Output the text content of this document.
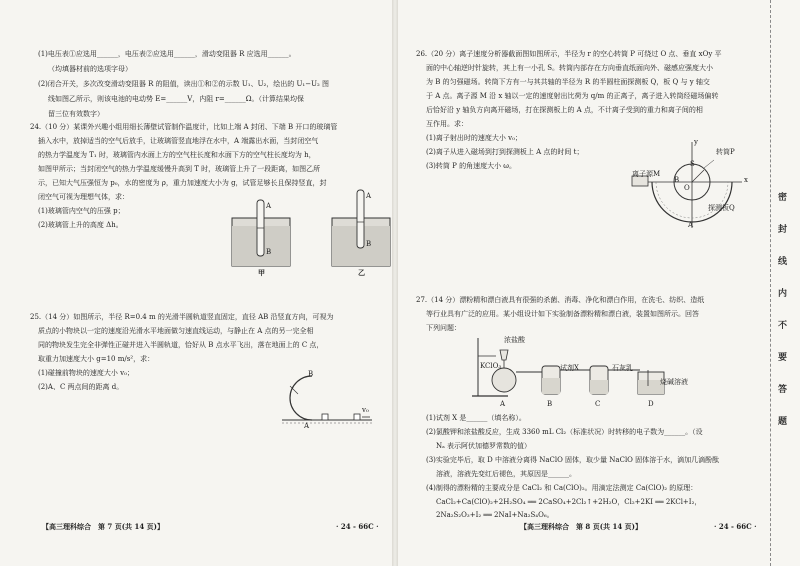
(1)电压表①应选用______，电压表②应选用______，滑动变阻器 R 应选用______。
（均填器材前的选项字母）
(2)闭合开关，多次改变滑动变阻器 R 的阻值，读出①和②的示数 U₁、U₂，绘出的 U₁−U₂ 图
线如图乙所示，则该电池的电动势 E=______V，内阻 r=______Ω。（计算结果均保
留三位有效数字）
24.（10 分）某课外兴趣小组用细长薄壁试管制作温度计，比如上端 A 封闭、下端 B 开口的玻璃管
插入水中，放掉适当的空气后放手，让玻璃管竖直地浮在水中，A 端露出水面，当封闭空气
的热力学温度为 T₁ 时，玻璃管内水面上方的空气柱长度和水面下方的空气柱长度均为 h，
如图甲所示；当封闭空气的热力学温度缓慢升高到 T 时，玻璃管上升了一段距离，如图乙所
示，已知大气压强恒为 p₀，水的密度为 ρ，重力加速度大小为 g，试管足够长且保持竖直，封
闭空气可视为理想气体，求：
(1)玻璃管内空气的压强 p；
(2)玻璃管上升的高度 Δh。
A
B
A
B
甲	乙
25.（14 分）如图所示，半径 R=0.4 m 的光滑半圆轨道竖直固定，直径 AB 沿竖直方向，可视为
质点的小物块以一定的速度沿光滑水平地面做匀速直线运动，与静止在 A 点的另一完全相
同的物块发生完全非弹性正碰并进入半圆轨道，恰好从 B 点水平飞出，落在地面上的 C 点，
取重力加速度大小 g=10 m/s²，求：
(1)碰撞前物块的速度大小 v₀；
(2)A、C 两点间的距离 d。
B
A
v₀
【高三理科综合　第 7 页(共 14 页)】	· 24 - 66C ·
26.（20 分）离子速度分析器截面图如图所示，半径为 r 的空心转筒 P 可绕过 O 点、垂直 xOy 平
面的中心轴逆时针旋转，其上有一小孔 S。转筒内部存在方向垂直纸面向外、磁感应强度大小
为 B 的匀强磁场。转筒下方有一与其共轴的半径为 R 的半圆柱面探测板 Q，板 Q 与 y 轴交
于 A 点。离子源 M 沿 x 轴以一定的速度射出比荷为 q/m 的正离子，离子进入转筒经磁场偏转
后恰好沿 y 轴负方向离开磁场，打在探测板上的 A 点，不计离子受到的重力和离子间的相
互作用。求：
(1)离子射出时的速度大小 v₀；
(2)离子从进入磁场到打到探测板上 A 点的时间 t；
(3)转筒 P 的角速度大小 ω。
离子源M
转筒P
探测板Q
O
x
y
A
S
B
27.（14 分）漂粉精和漂白液具有很强的杀菌、消毒、净化和漂白作用，在洗毛、纺织、造纸
等行业具有广泛的应用。某小组设计如下实验制备漂粉精和漂白液，装置如图所示。回答
下列问题：
浓盐酸
KClO₃	试剂X	石灰乳
烧碱溶液
A	B	C	D
(1)试剂 X 是______（填名称）。
(2)氯酸钾和浓盐酸反应，生成 3360 mL Cl₂（标准状况）时转移的电子数为______。（设
Nₐ 表示阿伏加德罗常数的值）
(3)实验完毕后，取 D 中溶液分离得 NaClO 固体，取少量 NaClO 固体溶于水，滴加几滴酚酞
溶液，溶液先变红后褪色，其原因是______。
(4)制得的漂粉精的主要成分是 CaCl₂ 和 Ca(ClO)₂。用滴定法测定 Ca(ClO)₂ 的原理：
CaCl₂+Ca(ClO)₂+2H₂SO₄ ══ 2CaSO₄+2Cl₂↑+2H₂O，Cl₂+2KI ══ 2KCl+I₂，
2Na₂S₂O₃+I₂ ══ 2NaI+Na₂S₄O₆。
【高三理科综合　第 8 页(共 14 页)】	· 24 - 66C ·
密
封
线
内
不
要
答
题
